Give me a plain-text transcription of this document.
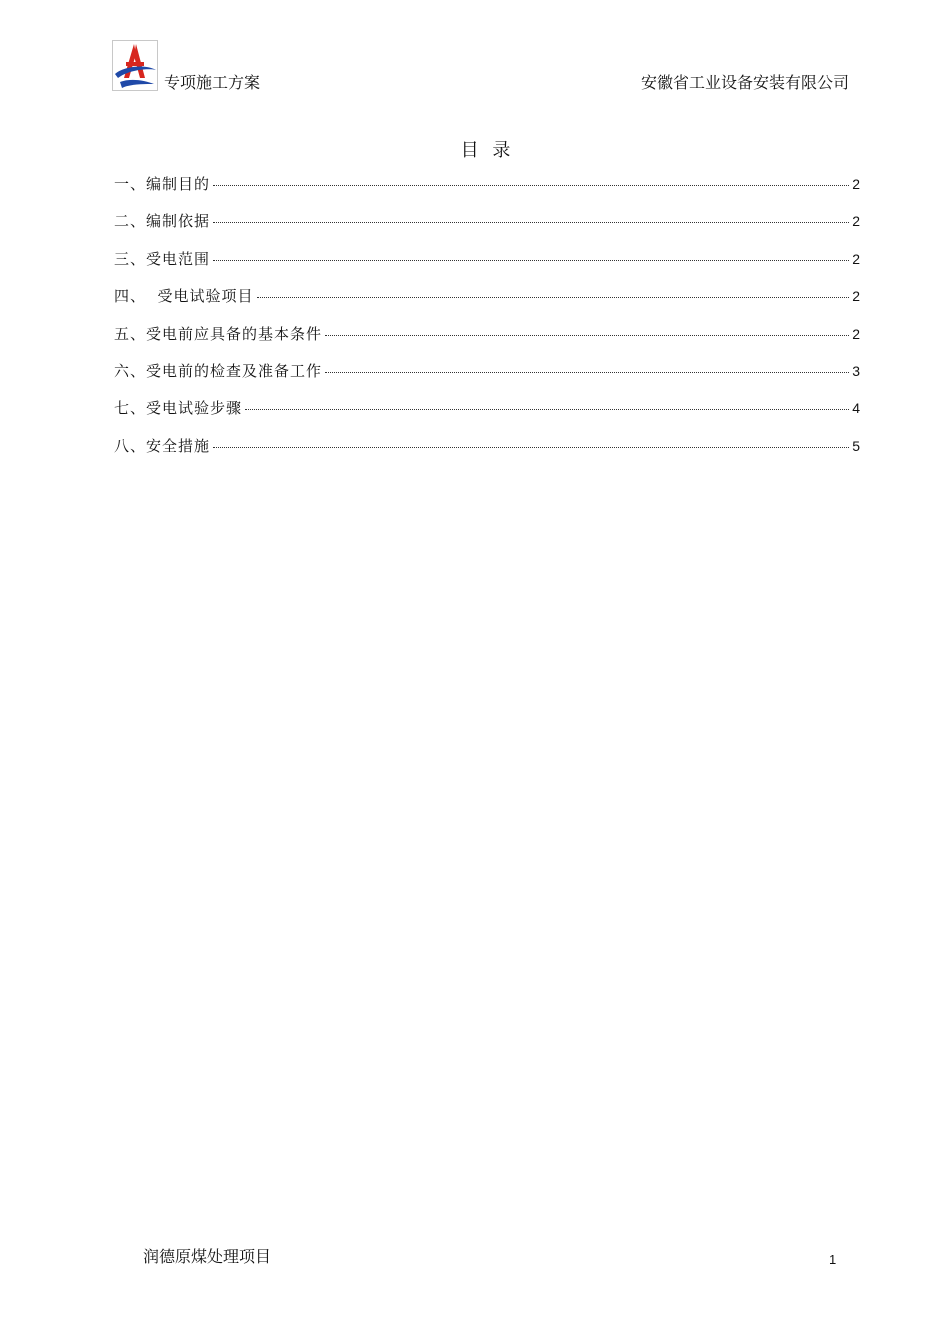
专项施工方案	安徽省工业设备安装有限公司
目 录
一、编制目的	2
二、编制依据	2
三、受电范围	2
四、  受电试验项目	2
五、受电前应具备的基本条件	2
六、受电前的检查及准备工作	3
七、受电试验步骤	4
八、安全措施	5
润德原煤处理项目	1
